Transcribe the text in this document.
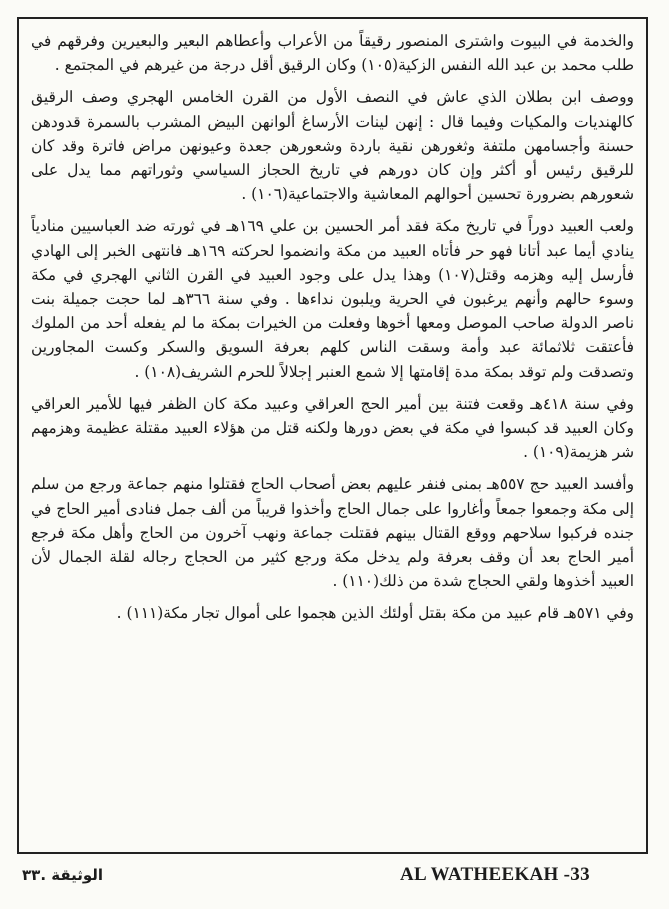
والخدمة في البيوت واشترى المنصور رقيقاً من الأعراب وأعطاهم البعير والبعيرين وفرقهم في طلب محمد بن عبد الله النفس الزكية(١٠٥) وكان الرقيق أقل درجة من غيرهم في المجتمع .

ووصف ابن بطلان الذي عاش في النصف الأول من القرن الخامس الهجري وصف الرقيق كالهنديات والمكيات وفيما قال : إنهن لينات الأرساغ ألوانهن البيض المشرب بالسمرة قدودهن حسنة وأجسامهن ملتفة وثغورهن نقية باردة وشعورهن جعدة وعيونهن مراض فاترة وقد كان للرقيق رئيس أو أكثر وإن كان دورهم في تاريخ الحجاز السياسي وثوراتهم مما يدل على شعورهم بضرورة تحسين أحوالهم المعاشية والاجتماعية(١٠٦) .

ولعب العبيد دوراً في تاريخ مكة فقد أمر الحسين بن علي ١٦٩هـ في ثورته ضد العباسيين منادياً ينادي أيما عبد أتانا فهو حر فأتاه العبيد من مكة وانضموا لحركته ١٦٩هـ فانتهى الخبر إلى الهادي فأرسل إليه وهزمه وقتل(١٠٧) وهذا يدل على وجود العبيد في القرن الثاني الهجري في مكة وسوء حالهم وأنهم يرغبون في الحرية ويلبون نداءها . وفي سنة ٣٦٦هـ لما حجت جميلة بنت ناصر الدولة صاحب الموصل ومعها أخوها وفعلت من الخيرات بمكة ما لم يفعله أحد من الملوك فأعتقت ثلاثمائة عبد وأمة وسقت الناس كلهم بعرفة السويق والسكر وكست المجاورين وتصدقت ولم توقد بمكة مدة إقامتها إلا شمع العنبر إجلالاً للحرم الشريف(١٠٨) .

وفي سنة ٤١٨هـ وقعت فتنة بين أمير الحج العراقي وعبيد مكة كان الظفر فيها للأمير العراقي وكان العبيد قد كبسوا في مكة في بعض دورها ولكنه قتل من هؤلاء العبيد مقتلة عظيمة وهزمهم شر هزيمة(١٠٩) .

وأفسد العبيد حج ٥٥٧هـ بمنى فنفر عليهم بعض أصحاب الحاج فقتلوا منهم جماعة ورجع من سلم إلى مكة وجمعوا جمعاً وأغاروا على جمال الحاج وأخذوا قريباً من ألف جمل فنادى أمير الحاج في جنده فركبوا سلاحهم ووقع القتال بينهم فقتلت جماعة ونهب آخرون من الحاج وأهل مكة فرجع أمير الحاج بعد أن وقف بعرفة ولم يدخل مكة ورجع كثير من الحجاج رجاله لقلة الجمال لأن العبيد أخذوها ولقي الحجاج شدة من ذلك(١١٠) .

وفي ٥٧١هـ قام عبيد من مكة بقتل أولئك الذين هجموا على أموال تجار مكة(١١١) .

AL WATHEEKAH -33
الوثيقة .٣٣
